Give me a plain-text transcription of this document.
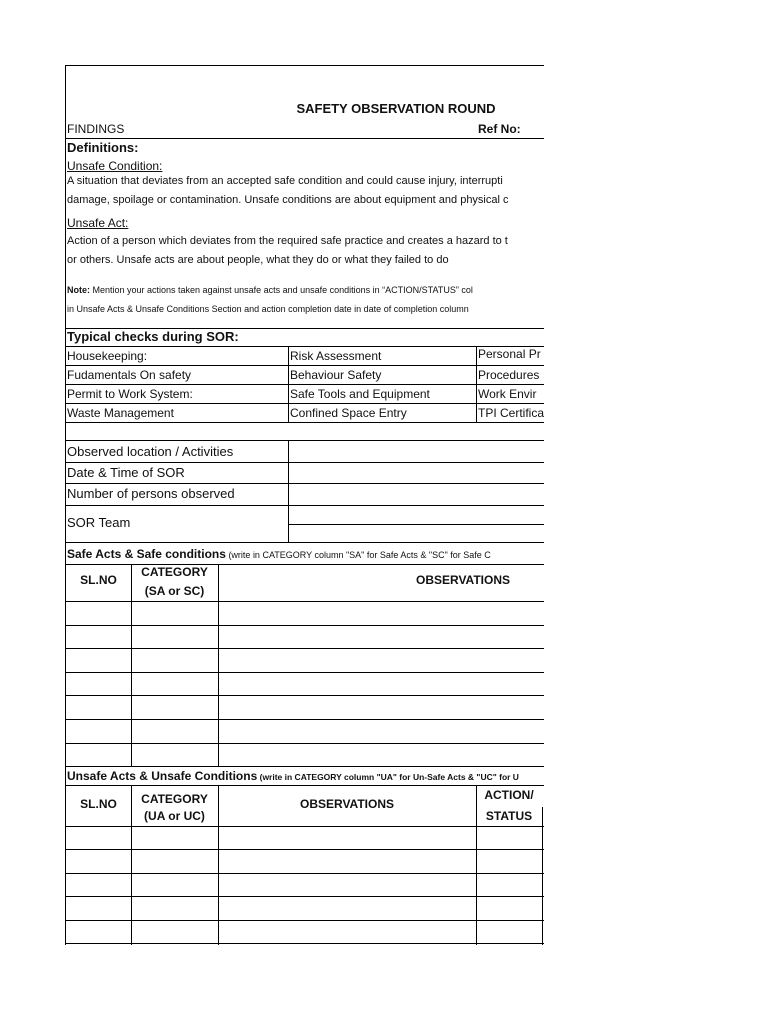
SAFETY OBSERVATION ROUND
FINDINGS	Ref No:
Definitions:
Unsafe Condition:
A situation that deviates from an accepted safe condition and could cause injury, interrupti
damage, spoilage or contamination. Unsafe conditions are about equipment and physical c
Unsafe Act:
Action of a person which deviates from the required safe practice and creates a hazard to t
or others. Unsafe acts are about people, what they do or what they failed to do
Note: Mention your actions taken against unsafe acts and unsafe conditions in “ACTION/STATUS” col
in Unsafe Acts & Unsafe Conditions Section and action completion date in date of completion column
Typical checks during SOR:
Housekeeping:
Fudamentals On safety
Permit to Work System:
Waste Management
Risk Assessment
Behaviour Safety
Safe Tools and Equipment
Confined Space Entry
Personal Pr
Procedures
Work Envir
TPI Certifica
Observed location / Activities
Date & Time of SOR
Number of persons observed
SOR Team
Safe Acts & Safe conditions (write in CATEGORY column "SA" for Safe Acts & "SC" for Safe C
SL.NO
CATEGORY
(SA or SC)
OBSERVATIONS
Unsafe Acts & Unsafe Conditions (write in CATEGORY column "UA" for Un-Safe Acts & "UC" for U
SL.NO	CATEGORY
(UA or UC)
OBSERVATIONS
ACTION/
STATUS
